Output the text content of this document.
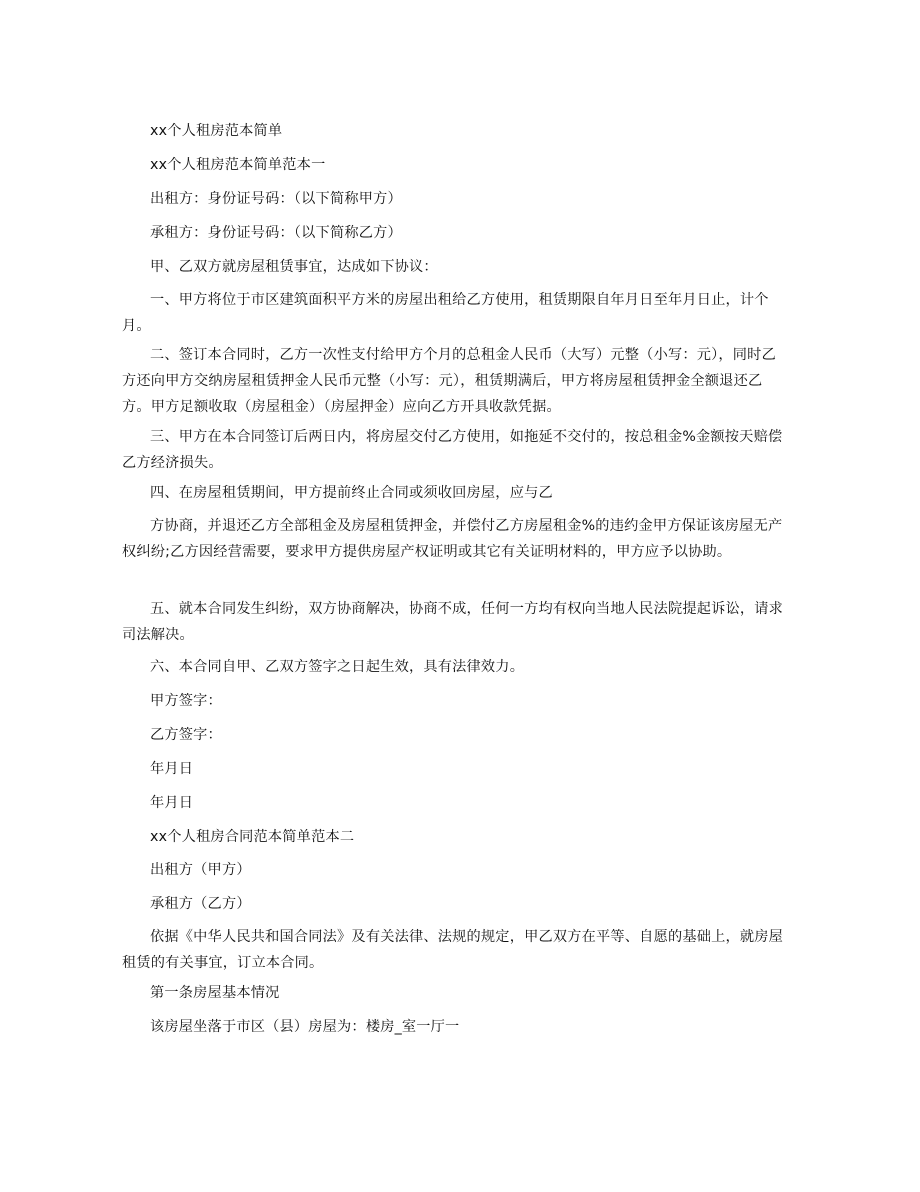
xx个人租房范本简单

xx个人租房范本简单范本一

出租方：身份证号码：（以下简称甲方）

承租方：身份证号码：（以下简称乙方）

甲、乙双方就房屋租赁事宜，达成如下协议：

一、甲方将位于市区建筑面积平方米的房屋出租给乙方使用，租赁期限自年月日至年月日止，计个月。

二、签订本合同时，乙方一次性支付给甲方个月的总租金人民币（大写）元整（小写：元），同时乙方还向甲方交纳房屋租赁押金人民币元整（小写：元），租赁期满后，甲方将房屋租赁押金全额退还乙方。甲方足额收取（房屋租金）（房屋押金）应向乙方开具收款凭据。

三、甲方在本合同签订后两日内，将房屋交付乙方使用，如拖延不交付的，按总租金%金额按天赔偿乙方经济损失。

四、在房屋租赁期间，甲方提前终止合同或须收回房屋，应与乙

方协商，并退还乙方全部租金及房屋租赁押金，并偿付乙方房屋租金%的违约金甲方保证该房屋无产权纠纷;乙方因经营需要，要求甲方提供房屋产权证明或其它有关证明材料的，甲方应予以协助。

五、就本合同发生纠纷，双方协商解决，协商不成，任何一方均有权向当地人民法院提起诉讼，请求司法解决。

六、本合同自甲、乙双方签字之日起生效，具有法律效力。

甲方签字：

乙方签字：

年月日

年月日

xx个人租房合同范本简单范本二

出租方（甲方）

承租方（乙方）

依据《中华人民共和国合同法》及有关法律、法规的规定，甲乙双方在平等、自愿的基础上，就房屋租赁的有关事宜，订立本合同。

第一条房屋基本情况

该房屋坐落于市区（县）房屋为：楼房_室一厅一
